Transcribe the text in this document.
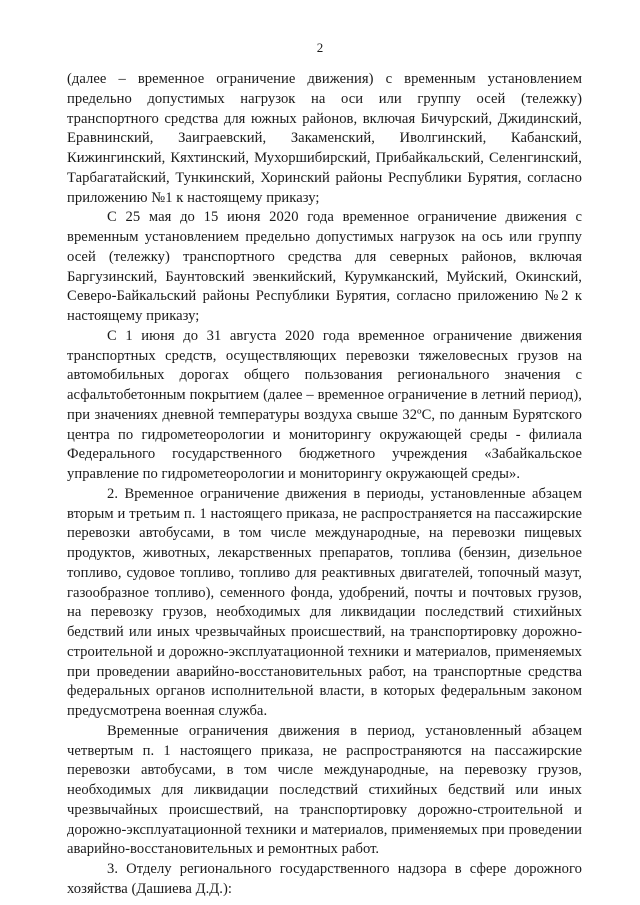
2

(далее – временное ограничение движения) с временным установлением предельно допустимых нагрузок на оси или группу осей (тележку) транспортного средства для южных районов, включая Бичурский, Джидинский, Еравнинский, Заиграевский, Закаменский, Иволгинский, Кабанский, Кижингинский, Кяхтинский, Мухоршибирский, Прибайкальский, Селенгинский, Тарбагатайский, Тункинский, Хоринский районы Республики Бурятия, согласно приложению №1 к настоящему приказу;

С 25 мая до 15 июня 2020 года временное ограничение движения с временным установлением предельно допустимых нагрузок на ось или группу осей (тележку) транспортного средства для северных районов, включая Баргузинский, Баунтовский эвенкийский, Курумканский, Муйский, Окинский, Северо-Байкальский районы Республики Бурятия, согласно приложению №2 к настоящему приказу;

С 1 июня до 31 августа 2020 года временное ограничение движения транспортных средств, осуществляющих перевозки тяжеловесных грузов на автомобильных дорогах общего пользования регионального значения с асфальтобетонным покрытием (далее – временное ограничение в летний период), при значениях дневной температуры воздуха свыше 32ºС, по данным Бурятского центра по гидрометеорологии и мониторингу окружающей среды - филиала Федерального государственного бюджетного учреждения «Забайкальское управление по гидрометеорологии и мониторингу окружающей среды».

2. Временное ограничение движения в периоды, установленные абзацем вторым и третьим п. 1 настоящего приказа, не распространяется на пассажирские перевозки автобусами, в том числе международные, на перевозки пищевых продуктов, животных, лекарственных препаратов, топлива (бензин, дизельное топливо, судовое топливо, топливо для реактивных двигателей, топочный мазут, газообразное топливо), семенного фонда, удобрений, почты и почтовых грузов, на перевозку грузов, необходимых для ликвидации последствий стихийных бедствий или иных чрезвычайных происшествий, на транспортировку дорожно-строительной и дорожно-эксплуатационной техники и материалов, применяемых при проведении аварийно-восстановительных работ, на транспортные средства федеральных органов исполнительной власти, в которых федеральным законом предусмотрена военная служба.

Временные ограничения движения в период, установленный абзацем четвертым п. 1 настоящего приказа, не распространяются на пассажирские перевозки автобусами, в том числе международные, на перевозку грузов, необходимых для ликвидации последствий стихийных бедствий или иных чрезвычайных происшествий, на транспортировку дорожно-строительной и дорожно-эксплуатационной техники и материалов, применяемых при проведении аварийно-восстановительных и ремонтных работ.

3. Отделу регионального государственного надзора в сфере дорожного хозяйства (Дашиева Д.Д.):
